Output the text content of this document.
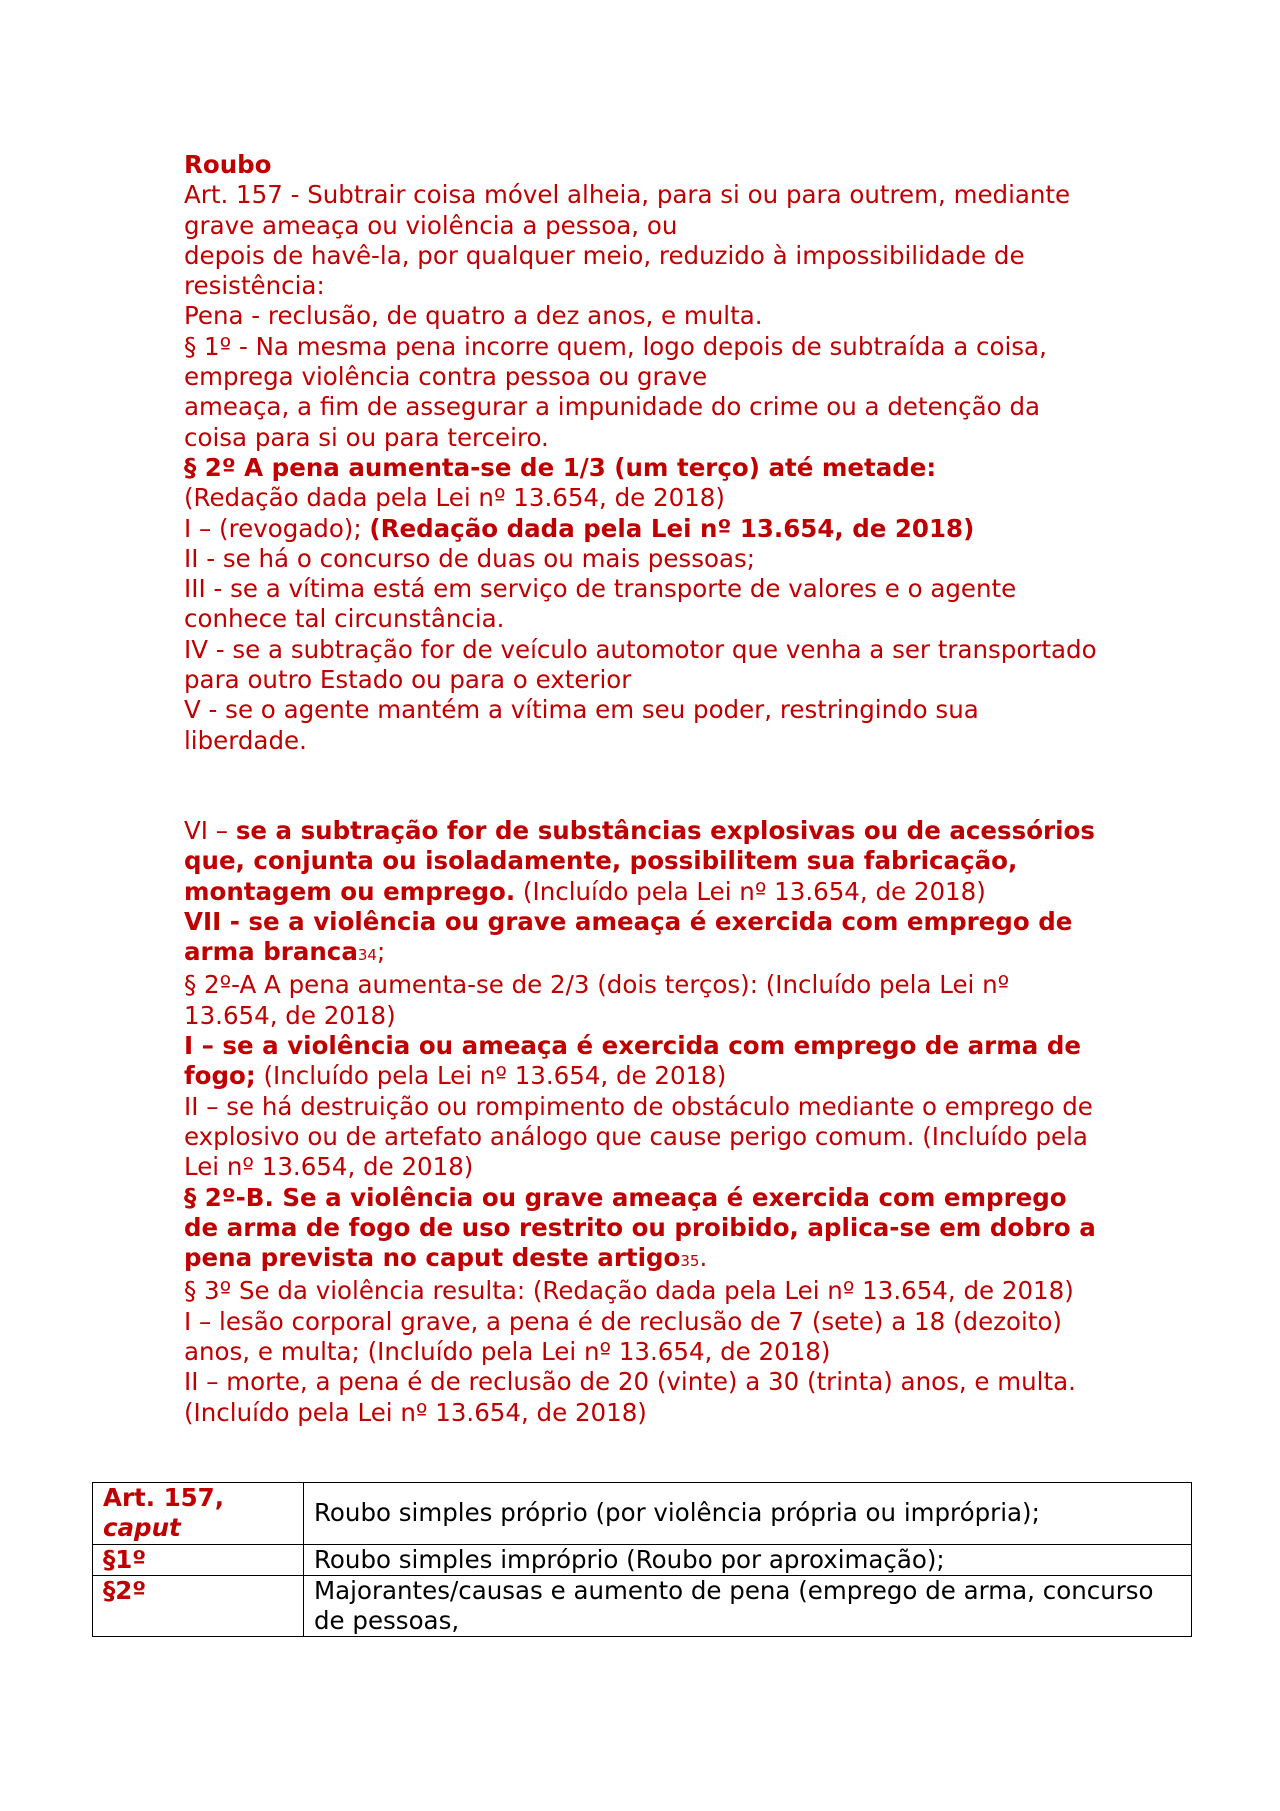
Roubo

Art. 157 - Subtrair coisa móvel alheia, para si ou para outrem, mediante grave ameaça ou violência a pessoa, ou

depois de havê-la, por qualquer meio, reduzido à impossibilidade de resistência:

Pena - reclusão, de quatro a dez anos, e multa.

§ 1º - Na mesma pena incorre quem, logo depois de subtraída a coisa, emprega violência contra pessoa ou grave

ameaça, a fim de assegurar a impunidade do crime ou a detenção da coisa para si ou para terceiro.

§ 2º A pena aumenta-se de 1/3 (um terço) até metade:

(Redação dada pela Lei nº 13.654, de 2018)

I – (revogado); (Redação dada pela Lei nº 13.654, de 2018)

II - se há o concurso de duas ou mais pessoas;

III - se a vítima está em serviço de transporte de valores e o agente conhece tal circunstância.

IV - se a subtração for de veículo automotor que venha a ser transportado para outro Estado ou para o exterior

V - se o agente mantém a vítima em seu poder, restringindo sua liberdade.

VI – se a subtração for de substâncias explosivas ou de acessórios que, conjunta ou isoladamente, possibilitem sua fabricação, montagem ou emprego. (Incluído pela Lei nº 13.654, de 2018)

VII - se a violência ou grave ameaça é exercida com emprego de arma branca34;

§ 2º-A A pena aumenta-se de 2/3 (dois terços): (Incluído pela Lei nº 13.654, de 2018)

I – se a violência ou ameaça é exercida com emprego de arma de fogo; (Incluído pela Lei nº 13.654, de 2018)

II – se há destruição ou rompimento de obstáculo mediante o emprego de explosivo ou de artefato análogo que cause perigo comum. (Incluído pela Lei nº 13.654, de 2018)

§ 2º-B. Se a violência ou grave ameaça é exercida com emprego de arma de fogo de uso restrito ou proibido, aplica-se em dobro a pena prevista no caput deste artigo35.

§ 3º Se da violência resulta: (Redação dada pela Lei nº 13.654, de 2018)

I – lesão corporal grave, a pena é de reclusão de 7 (sete) a 18 (dezoito) anos, e multa; (Incluído pela Lei nº 13.654, de 2018)

II – morte, a pena é de reclusão de 20 (vinte) a 30 (trinta) anos, e multa. (Incluído pela Lei nº 13.654, de 2018)

Art. 157,
caput	Roubo simples próprio (por violência própria ou imprópria);
§1º	Roubo simples impróprio (Roubo por aproximação);
§2º	Majorantes/causas e aumento de pena (emprego de arma, concurso de pessoas,
